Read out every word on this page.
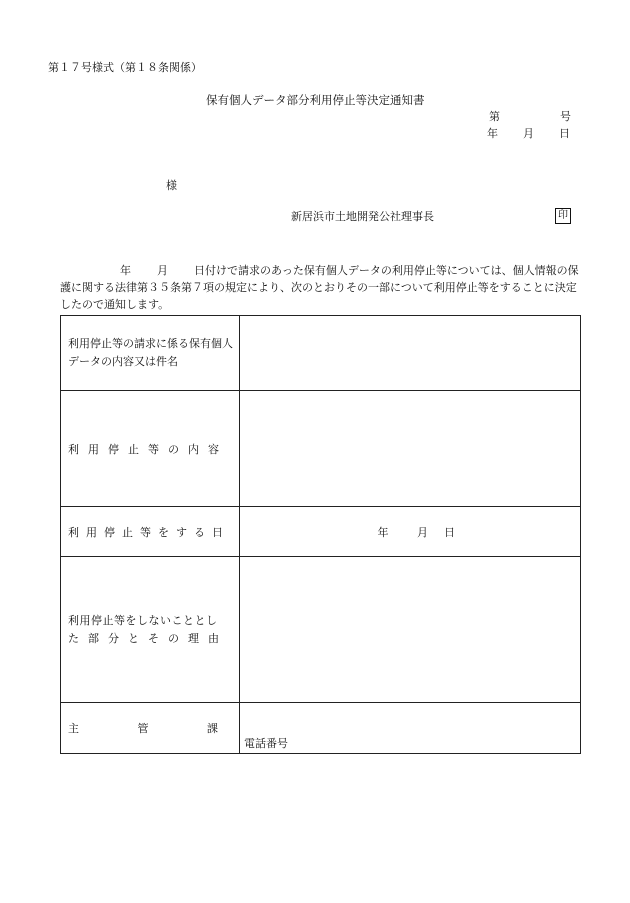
第１７号様式（第１８条関係）
保有個人データ部分利用停止等決定通知書
第	号
年	月	日
様
新居浜市土地開発公社理事長	印
年 月 日付けで請求のあった保有個人データの利用停止等については、個人情報の保護に関する法律第３５条第７項の規定により、次のとおりその一部について利用停止等をすることに決定したので通知します。
利用停止等の請求に係る保有個人データの内容又は件名	
利用停止等の内容	
利用停止等をする日	年 月 日

利用停止等をしないこととし
た部分とその理由	

主 管 課	電話番号
